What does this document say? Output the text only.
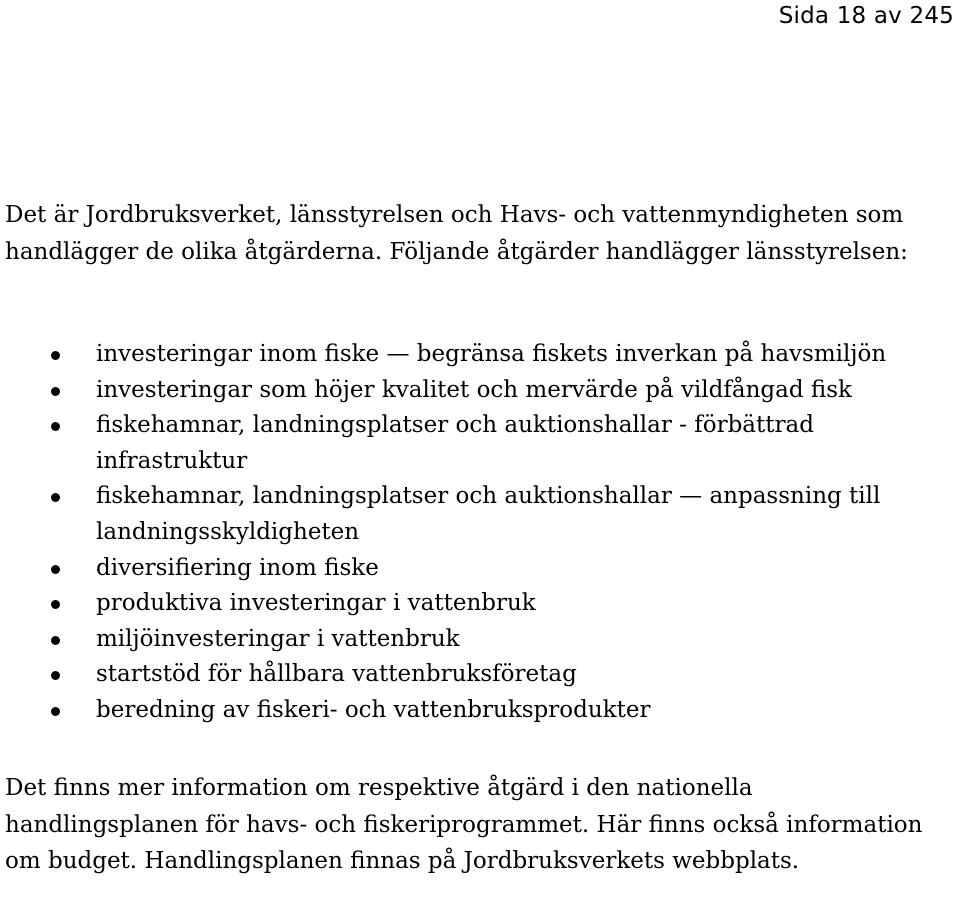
Sida 18 av 245

Det är Jordbruksverket, länsstyrelsen och Havs- och vattenmyndigheten som handlägger de olika åtgärderna. Följande åtgärder handlägger länsstyrelsen:

investeringar inom fiske — begränsa fiskets inverkan på havsmiljön
investeringar som höjer kvalitet och mervärde på vildfångad fisk
fiskehamnar, landningsplatser och auktionshallar - förbättrad infrastruktur
fiskehamnar, landningsplatser och auktionshallar — anpassning till landningsskyldigheten
diversifiering inom fiske
produktiva investeringar i vattenbruk
miljöinvesteringar i vattenbruk
startstöd för hållbara vattenbruksföretag
beredning av fiskeri- och vattenbruksprodukter

Det finns mer information om respektive åtgärd i den nationella handlingsplanen för havs- och fiskeriprogrammet. Här finns också information om budget. Handlingsplanen finnas på Jordbruksverkets webbplats.
